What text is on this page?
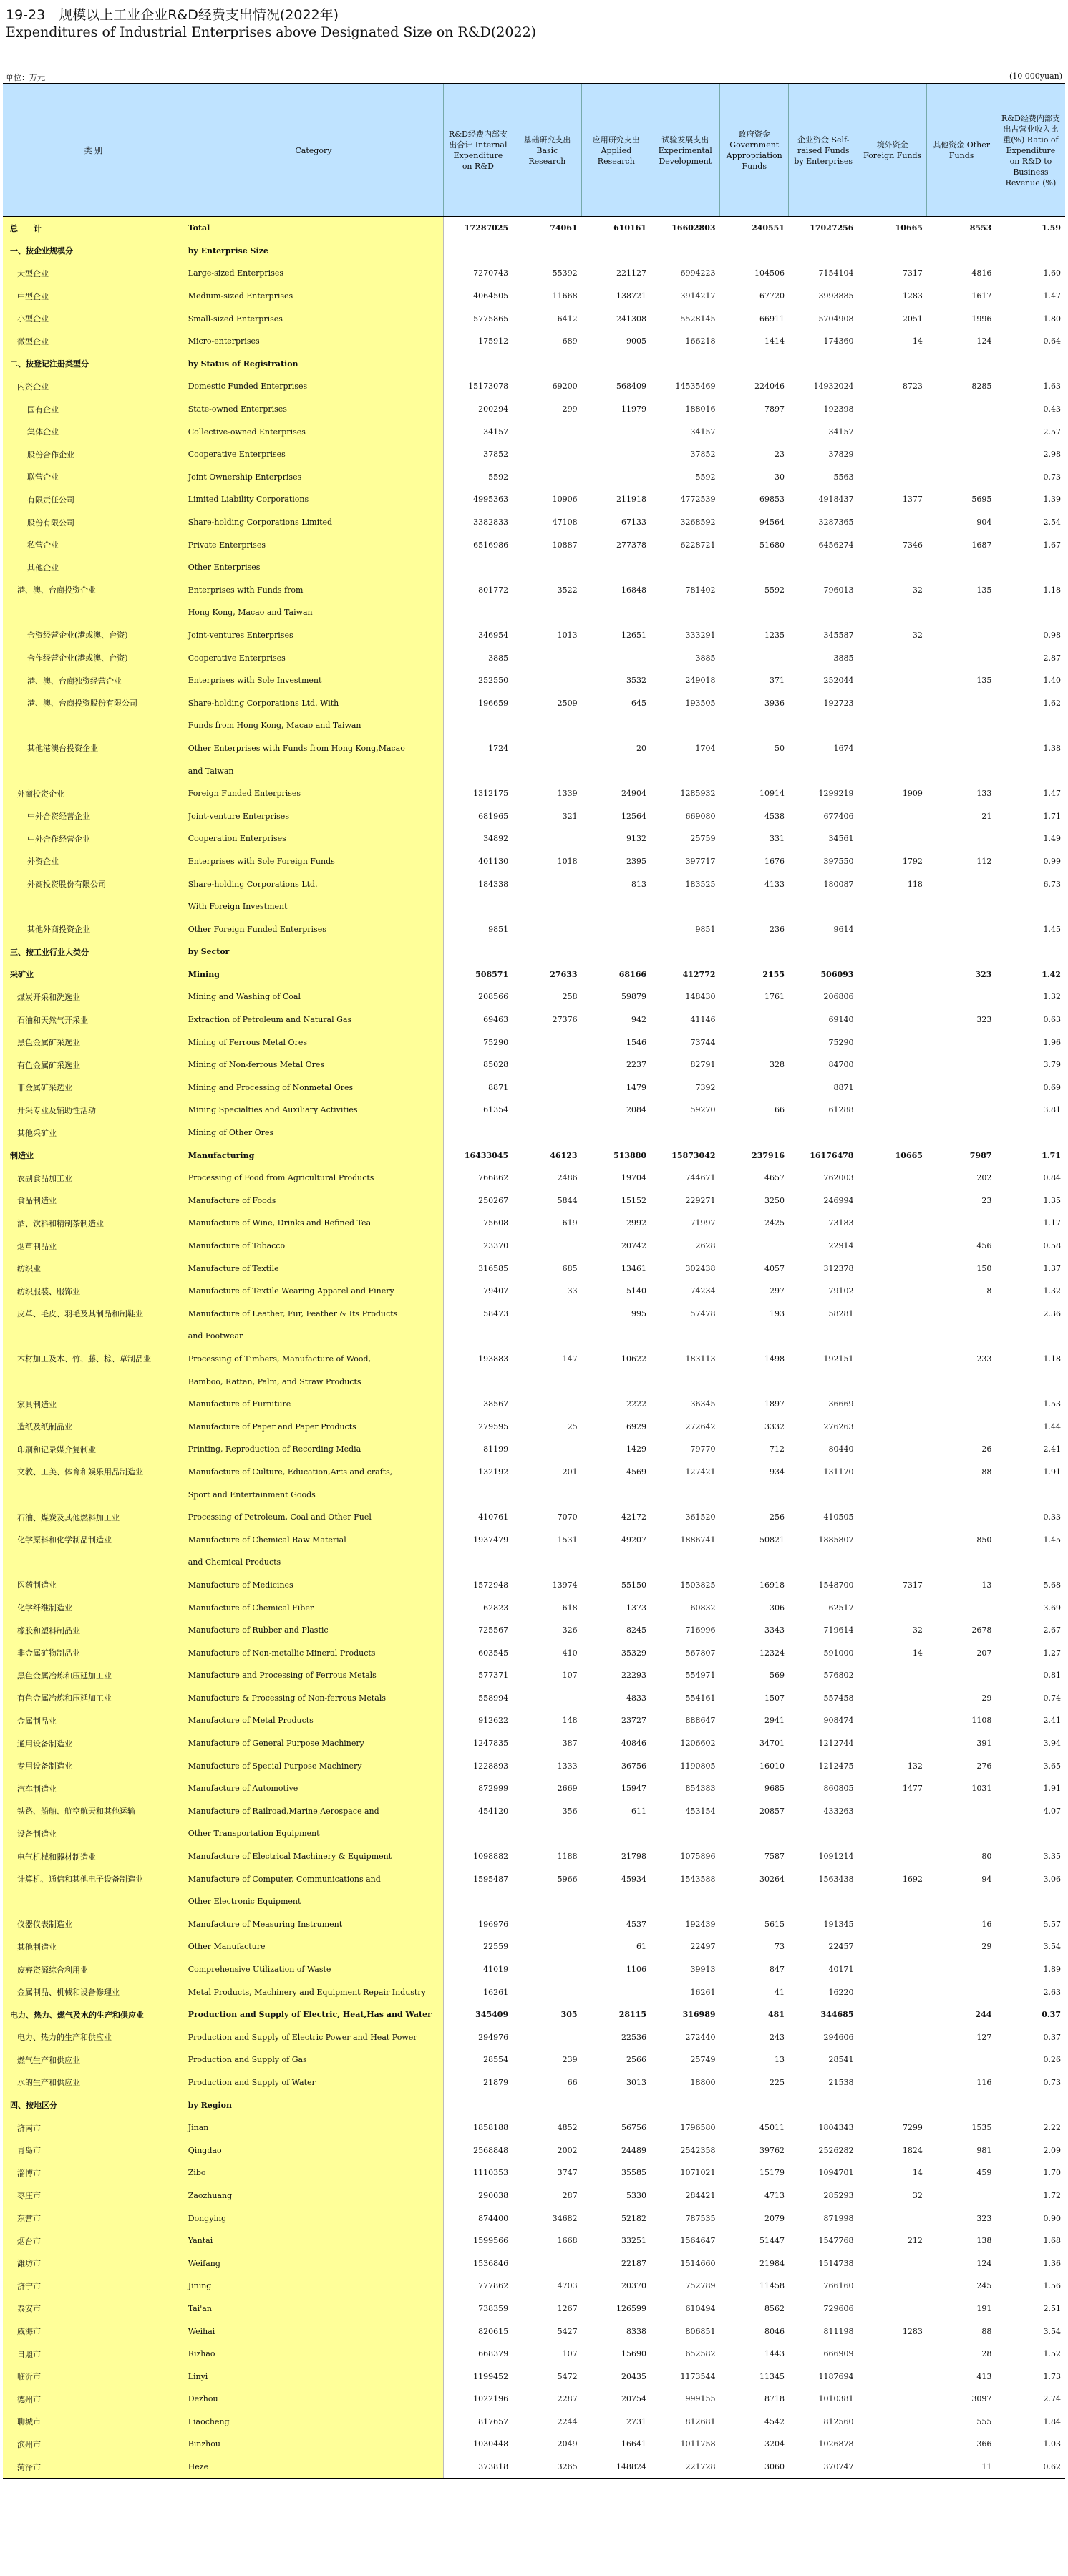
19-23　规模以上工业企业R&D经费支出情况(2022年)
Expenditures of Industrial Enterprises above Designated Size on R&D(2022)
单位：万元	(10 000yuan)
类 别	Category	R&D经费内部支出合计 Internal Expenditure on R&D	基础研究支出 Basic Research	应用研究支出 Applied Research	试验发展支出 Experimental Development	政府资金 Government Appropriation Funds	企业资金 Self-raised Funds by Enterprises	境外资金 Foreign Funds	其他资金 Other Funds	R&D经费内部支出占营业收入比重(%) Ratio of Expenditure on R&D to Business Revenue (%)
总　　计	Total	17287025	74061	610161	16602803	240551	17027256	10665	8553	1.59
一、按企业规模分	by Enterprise Size									
大型企业	Large-sized Enterprises	7270743	55392	221127	6994223	104506	7154104	7317	4816	1.60
中型企业	Medium-sized Enterprises	4064505	11668	138721	3914217	67720	3993885	1283	1617	1.47
小型企业	Small-sized Enterprises	5775865	6412	241308	5528145	66911	5704908	2051	1996	1.80
微型企业	Micro-enterprises	175912	689	9005	166218	1414	174360	14	124	0.64
二、按登记注册类型分	by Status of Registration									
内资企业	Domestic Funded Enterprises	15173078	69200	568409	14535469	224046	14932024	8723	8285	1.63
国有企业	State-owned Enterprises	200294	299	11979	188016	7897	192398			0.43
集体企业	Collective-owned Enterprises	34157			34157		34157			2.57
股份合作企业	Cooperative Enterprises	37852			37852	23	37829			2.98
联营企业	Joint Ownership Enterprises	5592			5592	30	5563			0.73
有限责任公司	Limited Liability Corporations	4995363	10906	211918	4772539	69853	4918437	1377	5695	1.39
股份有限公司	Share-holding Corporations Limited	3382833	47108	67133	3268592	94564	3287365		904	2.54
私营企业	Private Enterprises	6516986	10887	277378	6228721	51680	6456274	7346	1687	1.67
其他企业	Other Enterprises									
港、澳、台商投资企业	Enterprises with Funds from	801772	3522	16848	781402	5592	796013	32	135	1.18
	Hong Kong, Macao and Taiwan									
合资经营企业(港或澳、台资)	Joint-ventures Enterprises	346954	1013	12651	333291	1235	345587	32		0.98
合作经营企业(港或澳、台资)	Cooperative Enterprises	3885			3885		3885			2.87
港、澳、台商独资经营企业	Enterprises with Sole Investment	252550		3532	249018	371	252044		135	1.40
港、澳、台商投资股份有限公司	Share-holding Corporations Ltd. With	196659	2509	645	193505	3936	192723			1.62
	Funds from Hong Kong, Macao and Taiwan									
其他港澳台投资企业	Other Enterprises with Funds from Hong Kong,Macao	1724		20	1704	50	1674			1.38
	and Taiwan									
外商投资企业	Foreign Funded Enterprises	1312175	1339	24904	1285932	10914	1299219	1909	133	1.47
中外合资经营企业	Joint-venture Enterprises	681965	321	12564	669080	4538	677406		21	1.71
中外合作经营企业	Cooperation Enterprises	34892		9132	25759	331	34561			1.49
外资企业	Enterprises with Sole Foreign Funds	401130	1018	2395	397717	1676	397550	1792	112	0.99
外商投资股份有限公司	Share-holding Corporations Ltd.	184338		813	183525	4133	180087	118		6.73
	With Foreign Investment									
其他外商投资企业	Other Foreign Funded Enterprises	9851			9851	236	9614			1.45
三、按工业行业大类分	by Sector									
采矿业	Mining	508571	27633	68166	412772	2155	506093		323	1.42
煤炭开采和洗选业	Mining and Washing of Coal	208566	258	59879	148430	1761	206806			1.32
石油和天然气开采业	Extraction of Petroleum and Natural Gas	69463	27376	942	41146		69140		323	0.63
黑色金属矿采选业	Mining of Ferrous Metal Ores	75290		1546	73744		75290			1.96
有色金属矿采选业	Mining of Non-ferrous Metal Ores	85028		2237	82791	328	84700			3.79
非金属矿采选业	Mining and Processing of Nonmetal Ores	8871		1479	7392		8871			0.69
开采专业及辅助性活动	Mining Specialties and Auxiliary Activities	61354		2084	59270	66	61288			3.81
其他采矿业	Mining of Other Ores									
制造业	Manufacturing	16433045	46123	513880	15873042	237916	16176478	10665	7987	1.71
农副食品加工业	Processing of Food from Agricultural Products	766862	2486	19704	744671	4657	762003		202	0.84
食品制造业	Manufacture of Foods	250267	5844	15152	229271	3250	246994		23	1.35
酒、饮料和精制茶制造业	Manufacture of Wine, Drinks and Refined Tea	75608	619	2992	71997	2425	73183			1.17
烟草制品业	Manufacture of Tobacco	23370		20742	2628		22914		456	0.58
纺织业	Manufacture of Textile	316585	685	13461	302438	4057	312378		150	1.37
纺织服装、服饰业	Manufacture of Textile Wearing Apparel and Finery	79407	33	5140	74234	297	79102		8	1.32
皮革、毛皮、羽毛及其制品和制鞋业	Manufacture of Leather, Fur, Feather & Its Products	58473		995	57478	193	58281			2.36
	and Footwear									
木材加工及木、竹、藤、棕、草制品业	Processing of Timbers, Manufacture of Wood,	193883	147	10622	183113	1498	192151		233	1.18
	Bamboo, Rattan, Palm, and Straw Products									
家具制造业	Manufacture of Furniture	38567		2222	36345	1897	36669			1.53
造纸及纸制品业	Manufacture of Paper and Paper Products	279595	25	6929	272642	3332	276263			1.44
印刷和记录媒介复制业	Printing, Reproduction of Recording Media	81199		1429	79770	712	80440		26	2.41
文教、工美、体育和娱乐用品制造业	Manufacture of Culture, Education,Arts and crafts,	132192	201	4569	127421	934	131170		88	1.91
	Sport and Entertainment Goods									
石油、煤炭及其他燃料加工业	Processing of Petroleum, Coal and Other Fuel	410761	7070	42172	361520	256	410505			0.33
化学原料和化学制品制造业	Manufacture of Chemical Raw Material	1937479	1531	49207	1886741	50821	1885807		850	1.45
	and Chemical Products									
医药制造业	Manufacture of Medicines	1572948	13974	55150	1503825	16918	1548700	7317	13	5.68
化学纤维制造业	Manufacture of Chemical Fiber	62823	618	1373	60832	306	62517			3.69
橡胶和塑料制品业	Manufacture of Rubber and Plastic	725567	326	8245	716996	3343	719614	32	2678	2.67
非金属矿物制品业	Manufacture of Non-metallic Mineral Products	603545	410	35329	567807	12324	591000	14	207	1.27
黑色金属冶炼和压延加工业	Manufacture and Processing of Ferrous Metals	577371	107	22293	554971	569	576802			0.81
有色金属冶炼和压延加工业	Manufacture & Processing of Non-ferrous Metals	558994		4833	554161	1507	557458		29	0.74
金属制品业	Manufacture of Metal Products	912622	148	23727	888647	2941	908474		1108	2.41
通用设备制造业	Manufacture of General Purpose Machinery	1247835	387	40846	1206602	34701	1212744		391	3.94
专用设备制造业	Manufacture of Special Purpose Machinery	1228893	1333	36756	1190805	16010	1212475	132	276	3.65
汽车制造业	Manufacture of Automotive	872999	2669	15947	854383	9685	860805	1477	1031	1.91
铁路、船舶、航空航天和其他运输	Manufacture of Railroad,Marine,Aerospace and	454120	356	611	453154	20857	433263			4.07
设备制造业	Other Transportation Equipment									
电气机械和器材制造业	Manufacture of Electrical Machinery & Equipment	1098882	1188	21798	1075896	7587	1091214		80	3.35
计算机、通信和其他电子设备制造业	Manufacture of Computer, Communications and	1595487	5966	45934	1543588	30264	1563438	1692	94	3.06
	Other Electronic Equipment									
仪器仪表制造业	Manufacture of Measuring Instrument	196976		4537	192439	5615	191345		16	5.57
其他制造业	Other Manufacture	22559		61	22497	73	22457		29	3.54
废弃资源综合利用业	Comprehensive Utilization of Waste	41019		1106	39913	847	40171			1.89
金属制品、机械和设备修理业	Metal Products, Machinery and Equipment Repair Industry	16261			16261	41	16220			2.63
电力、热力、燃气及水的生产和供应业	Production and Supply of Electric, Heat,Has and Water	345409	305	28115	316989	481	344685		244	0.37
电力、热力的生产和供应业	Production and Supply of Electric Power and Heat Power	294976		22536	272440	243	294606		127	0.37
燃气生产和供应业	Production and Supply of Gas	28554	239	2566	25749	13	28541			0.26
水的生产和供应业	Production and Supply of Water	21879	66	3013	18800	225	21538		116	0.73
四、按地区分	by Region									
济南市	Jinan	1858188	4852	56756	1796580	45011	1804343	7299	1535	2.22
青岛市	Qingdao	2568848	2002	24489	2542358	39762	2526282	1824	981	2.09
淄博市	Zibo	1110353	3747	35585	1071021	15179	1094701	14	459	1.70
枣庄市	Zaozhuang	290038	287	5330	284421	4713	285293	32		1.72
东营市	Dongying	874400	34682	52182	787535	2079	871998		323	0.90
烟台市	Yantai	1599566	1668	33251	1564647	51447	1547768	212	138	1.68
潍坊市	Weifang	1536846		22187	1514660	21984	1514738		124	1.36
济宁市	Jining	777862	4703	20370	752789	11458	766160		245	1.56
泰安市	Tai'an	738359	1267	126599	610494	8562	729606		191	2.51
威海市	Weihai	820615	5427	8338	806851	8046	811198	1283	88	3.54
日照市	Rizhao	668379	107	15690	652582	1443	666909		28	1.52
临沂市	Linyi	1199452	5472	20435	1173544	11345	1187694		413	1.73
德州市	Dezhou	1022196	2287	20754	999155	8718	1010381		3097	2.74
聊城市	Liaocheng	817657	2244	2731	812681	4542	812560		555	1.84
滨州市	Binzhou	1030448	2049	16641	1011758	3204	1026878		366	1.03
菏泽市	Heze	373818	3265	148824	221728	3060	370747		11	0.62
